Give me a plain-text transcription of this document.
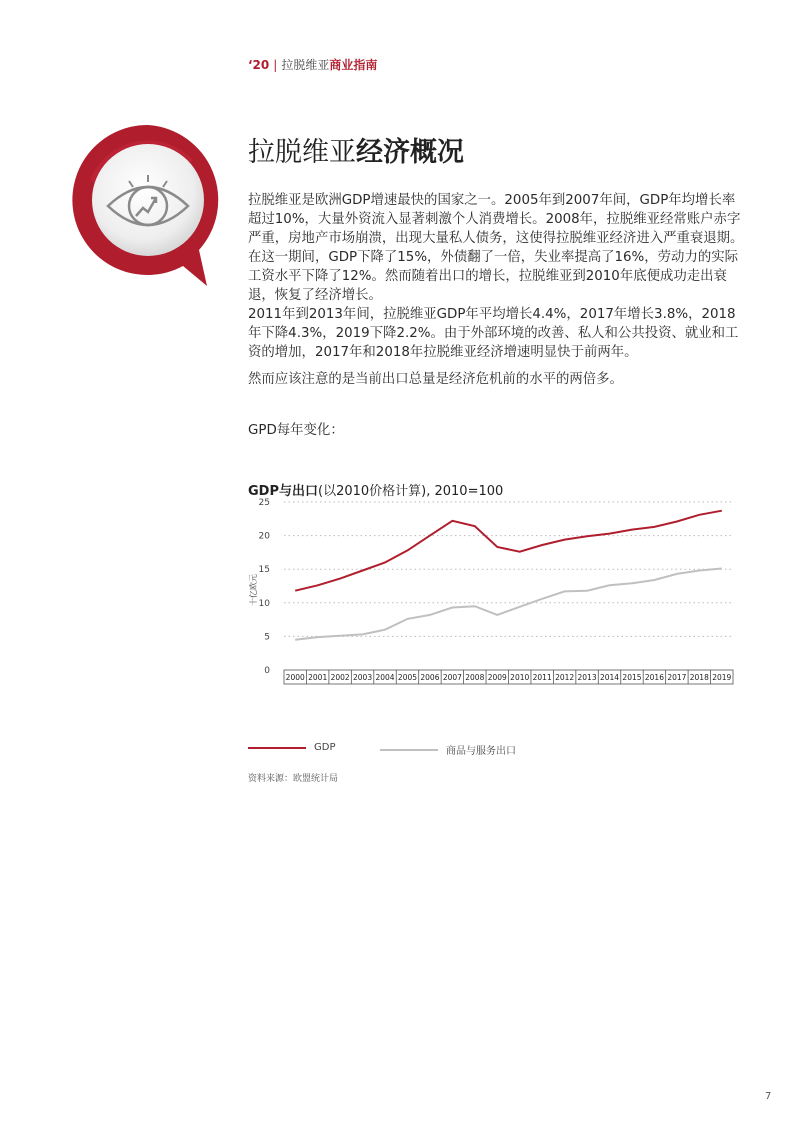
‘20 | 拉脱维亚商业指南
拉脱维亚经济概况

拉脱维亚是欧洲GDP增速最快的国家之一。2005年到2007年间，GDP年均增长率超过10%，大量外资流入显著刺激个人消费增长。2008年，拉脱维亚经常账户赤字严重，房地产市场崩溃，出现大量私人债务，这使得拉脱维亚经济进入严重衰退期。在这一期间，GDP下降了15%，外债翻了一倍，失业率提高了16%，劳动力的实际工资水平下降了12%。然而随着出口的增长，拉脱维亚到2010年底便成功走出衰退，恢复了经济增长。

2011年到2013年间，拉脱维亚GDP年平均增长4.4%，2017年增长3.8%，2018年下降4.3%，2019下降2.2%。由于外部环境的改善、私人和公共投资、就业和工资的增加，2017年和2018年拉脱维亚经济增速明显快于前两年。

然而应该注意的是当前出口总量是经济危机前的水平的两倍多。

GPD每年变化：
GDP与出口(以2010价格计算), 2010=100
0
5
10
15
20
25
十亿欧元
2000 2001 2002 2003 2004 2005 2006 2007 2008 2009 2010 2011 2012 2013 2014 2015 2016 2017 2018 2019
GDP	商品与服务出口
资料来源：欧盟统计局
7
